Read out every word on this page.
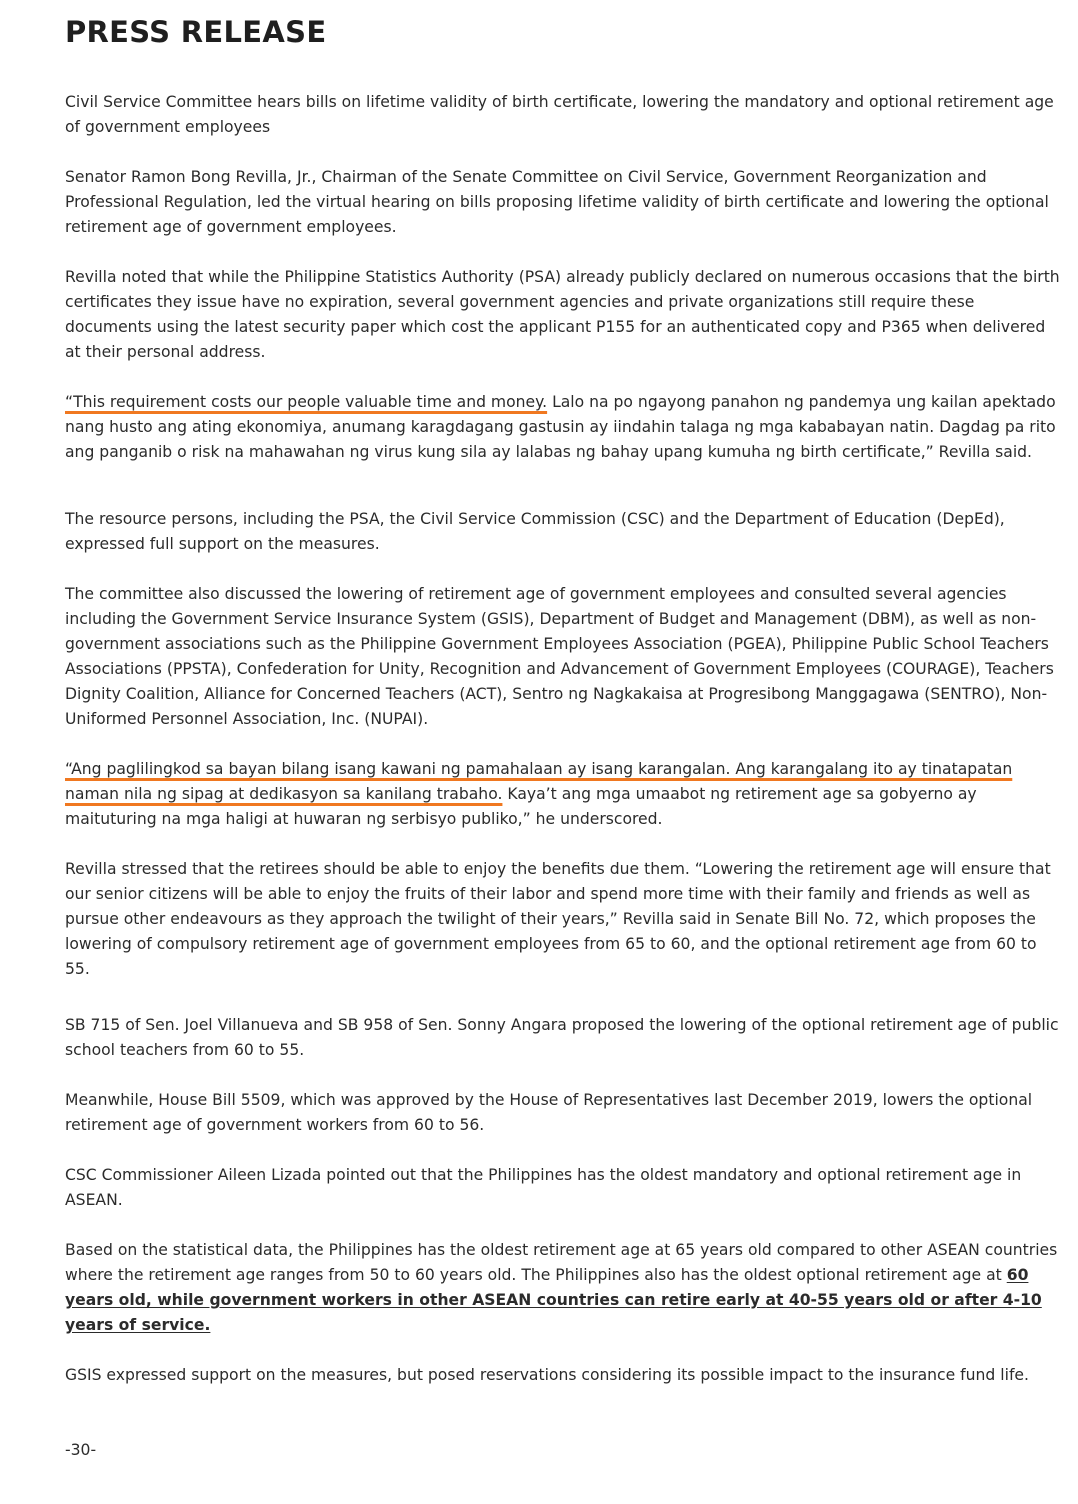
PRESS RELEASE

Civil Service Committee hears bills on lifetime validity of birth certificate, lowering the mandatory and optional retirement age of government employees

Senator Ramon Bong Revilla, Jr., Chairman of the Senate Committee on Civil Service, Government Reorganization and Professional Regulation, led the virtual hearing on bills proposing lifetime validity of birth certificate and lowering the optional retirement age of government employees.

Revilla noted that while the Philippine Statistics Authority (PSA) already publicly declared on numerous occasions that the birth certificates they issue have no expiration, several government agencies and private organizations still require these documents using the latest security paper which cost the applicant P155 for an authenticated copy and P365 when delivered at their personal address.

“This requirement costs our people valuable time and money. Lalo na po ngayong panahon ng pandemya ung kailan apektado nang husto ang ating ekonomiya, anumang karagdagang gastusin ay iindahin talaga ng mga kababayan natin. Dagdag pa rito ang panganib o risk na mahawahan ng virus kung sila ay lalabas ng bahay upang kumuha ng birth certificate,” Revilla said.

The resource persons, including the PSA, the Civil Service Commission (CSC) and the Department of Education (DepEd), expressed full support on the measures.

The committee also discussed the lowering of retirement age of government employees and consulted several agencies including the Government Service Insurance System (GSIS), Department of Budget and Management (DBM), as well as non-government associations such as the Philippine Government Employees Association (PGEA), Philippine Public School Teachers Associations (PPSTA), Confederation for Unity, Recognition and Advancement of Government Employees (COURAGE), Teachers Dignity Coalition, Alliance for Concerned Teachers (ACT), Sentro ng Nagkakaisa at Progresibong Manggagawa (SENTRO), Non-Uniformed Personnel Association, Inc. (NUPAI).

“Ang paglilingkod sa bayan bilang isang kawani ng pamahalaan ay isang karangalan. Ang karangalang ito ay tinatapatan naman nila ng sipag at dedikasyon sa kanilang trabaho. Kaya’t ang mga umaabot ng retirement age sa gobyerno ay maituturing na mga haligi at huwaran ng serbisyo publiko,” he underscored.

Revilla stressed that the retirees should be able to enjoy the benefits due them. “Lowering the retirement age will ensure that our senior citizens will be able to enjoy the fruits of their labor and spend more time with their family and friends as well as pursue other endeavours as they approach the twilight of their years,” Revilla said in Senate Bill No. 72, which proposes the lowering of compulsory retirement age of government employees from 65 to 60, and the optional retirement age from 60 to 55.

SB 715 of Sen. Joel Villanueva and SB 958 of Sen. Sonny Angara proposed the lowering of the optional retirement age of public school teachers from 60 to 55.

Meanwhile, House Bill 5509, which was approved by the House of Representatives last December 2019, lowers the optional retirement age of government workers from 60 to 56.

CSC Commissioner Aileen Lizada pointed out that the Philippines has the oldest mandatory and optional retirement age in ASEAN.

Based on the statistical data, the Philippines has the oldest retirement age at 65 years old compared to other ASEAN countries where the retirement age ranges from 50 to 60 years old. The Philippines also has the oldest optional retirement age at 60 years old, while government workers in other ASEAN countries can retire early at 40-55 years old or after 4-10 years of service.

GSIS expressed support on the measures, but posed reservations considering its possible impact to the insurance fund life.

-30-
